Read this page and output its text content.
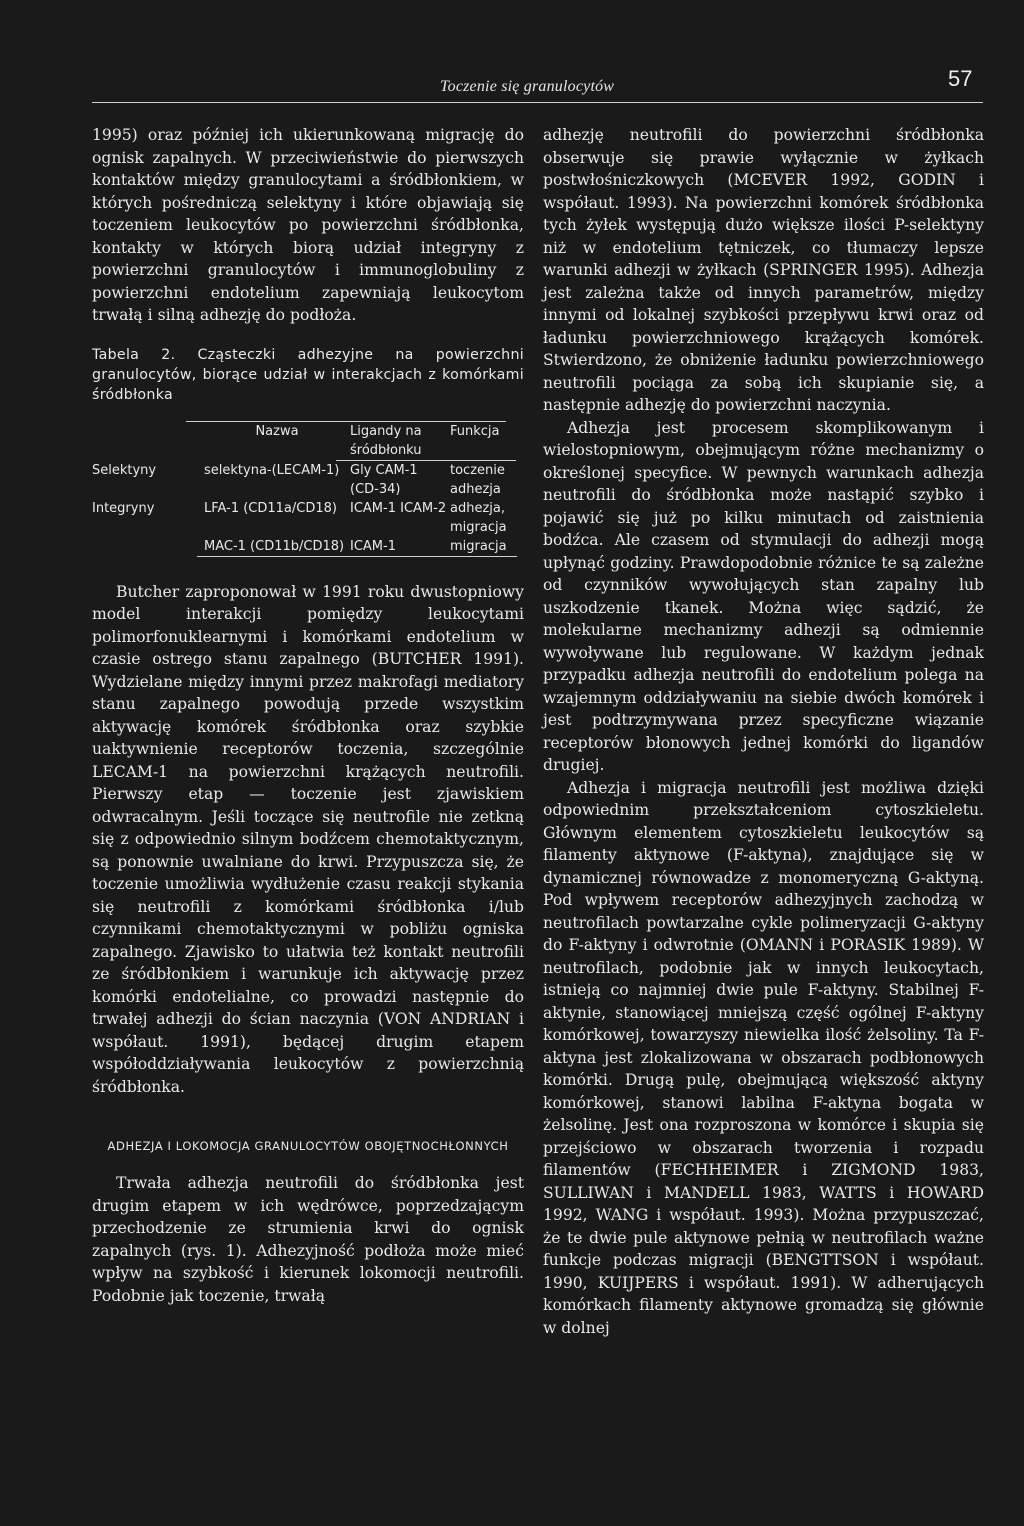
Toczenie się granulocytów	57

1995) oraz później ich ukierunkowaną migrację do ognisk zapalnych. W przeciwieństwie do pierwszych kontaktów między granulocytami a śródbłonkiem, w których pośredniczą selektyny i które objawiają się toczeniem leukocytów po powierzchni śródbłonka, kontakty w których biorą udział integryny z powierzchni granulocytów i immunoglobuliny z powierzchni endotelium zapewniają leukocytom trwałą i silną adhezję do podłoża.

Tabela 2. Cząsteczki adhezyjne na powierzchni granulocytów, biorące udział w interakcjach z komórkami śródbłonka

	Nazwa	Ligandy na śródbłonku	Funkcja
Selektyny	selektyna-(LECAM-1)	Gly CAM-1 (CD-34)	toczenie adhezja
Integryny	LFA-1 (CD11a/CD18)	ICAM-1 ICAM-2	adhezja, migracja
	MAC-1 (CD11b/CD18)	ICAM-1	migracja

Butcher zaproponował w 1991 roku dwustopniowy model interakcji pomiędzy leukocytami polimorfonuklearnymi i komórkami endotelium w czasie ostrego stanu zapalnego (BUTCHER 1991). Wydzielane między innymi przez makrofagi mediatory stanu zapalnego powodują przede wszystkim aktywację komórek śródbłonka oraz szybkie uaktywnienie receptorów toczenia, szczególnie LECAM-1 na powierzchni krążących neutrofili. Pierwszy etap — toczenie jest zjawiskiem odwracalnym. Jeśli toczące się neutrofile nie zetkną się z odpowiednio silnym bodźcem chemotaktycznym, są ponownie uwalniane do krwi. Przypuszcza się, że toczenie umożliwia wydłużenie czasu reakcji stykania się neutrofili z komórkami śródbłonka i/lub czynnikami chemotaktycznymi w pobliżu ogniska zapalnego. Zjawisko to ułatwia też kontakt neutrofili ze śródbłonkiem i warunkuje ich aktywację przez komórki endotelialne, co prowadzi następnie do trwałej adhezji do ścian naczynia (VON ANDRIAN i współaut. 1991), będącej drugim etapem współoddziaływania leukocytów z powierzchnią śródbłonka.

ADHEZJA I LOKOMOCJA GRANULOCYTÓW OBOJĘTNOCHŁONNYCH

Trwała adhezja neutrofili do śródbłonka jest drugim etapem w ich wędrówce, poprzedzającym przechodzenie ze strumienia krwi do ognisk zapalnych (rys. 1). Adhezyjność podłoża może mieć wpływ na szybkość i kierunek lokomocji neutrofili. Podobnie jak toczenie, trwałą

adhezję neutrofili do powierzchni śródbłonka obserwuje się prawie wyłącznie w żyłkach postwłośniczkowych (MCEVER 1992, GODIN i współaut. 1993). Na powierzchni komórek śródbłonka tych żyłek występują dużo większe ilości P-selektyny niż w endotelium tętniczek, co tłumaczy lepsze warunki adhezji w żyłkach (SPRINGER 1995). Adhezja jest zależna także od innych parametrów, między innymi od lokalnej szybkości przepływu krwi oraz od ładunku powierzchniowego krążących komórek. Stwierdzono, że obniżenie ładunku powierzchniowego neutrofili pociąga za sobą ich skupianie się, a następnie adhezję do powierzchni naczynia.

Adhezja jest procesem skomplikowanym i wielostopniowym, obejmującym różne mechanizmy o określonej specyfice. W pewnych warunkach adhezja neutrofili do śródbłonka może nastąpić szybko i pojawić się już po kilku minutach od zaistnienia bodźca. Ale czasem od stymulacji do adhezji mogą upłynąć godziny. Prawdopodobnie różnice te są zależne od czynników wywołujących stan zapalny lub uszkodzenie tkanek. Można więc sądzić, że molekularne mechanizmy adhezji są odmiennie wywoływane lub regulowane. W każdym jednak przypadku adhezja neutrofili do endotelium polega na wzajemnym oddziaływaniu na siebie dwóch komórek i jest podtrzymywana przez specyficzne wiązanie receptorów błonowych jednej komórki do ligandów drugiej.

Adhezja i migracja neutrofili jest możliwa dzięki odpowiednim przekształceniom cytoszkieletu. Głównym elementem cytoszkieletu leukocytów są filamenty aktynowe (F-aktyna), znajdujące się w dynamicznej równowadze z monomeryczną G-aktyną. Pod wpływem receptorów adhezyjnych zachodzą w neutrofilach powtarzalne cykle polimeryzacji G-aktyny do F-aktyny i odwrotnie (OMANN i PORASIK 1989). W neutrofilach, podobnie jak w innych leukocytach, istnieją co najmniej dwie pule F-aktyny. Stabilnej F-aktynie, stanowiącej mniejszą część ogólnej F-aktyny komórkowej, towarzyszy niewielka ilość żelsoliny. Ta F-aktyna jest zlokalizowana w obszarach podbłonowych komórki. Drugą pulę, obejmującą większość aktyny komórkowej, stanowi labilna F-aktyna bogata w żelsolinę. Jest ona rozproszona w komórce i skupia się przejściowo w obszarach tworzenia i rozpadu filamentów (FECHHEIMER i ZIGMOND 1983, SULLIWAN i MANDELL 1983, WATTS i HOWARD 1992, WANG i współaut. 1993). Można przypuszczać, że te dwie pule aktynowe pełnią w neutrofilach ważne funkcje podczas migracji (BENGTTSON i współaut. 1990, KUIJPERS i współaut. 1991). W adherujących komórkach filamenty aktynowe gromadzą się głównie w dolnej
